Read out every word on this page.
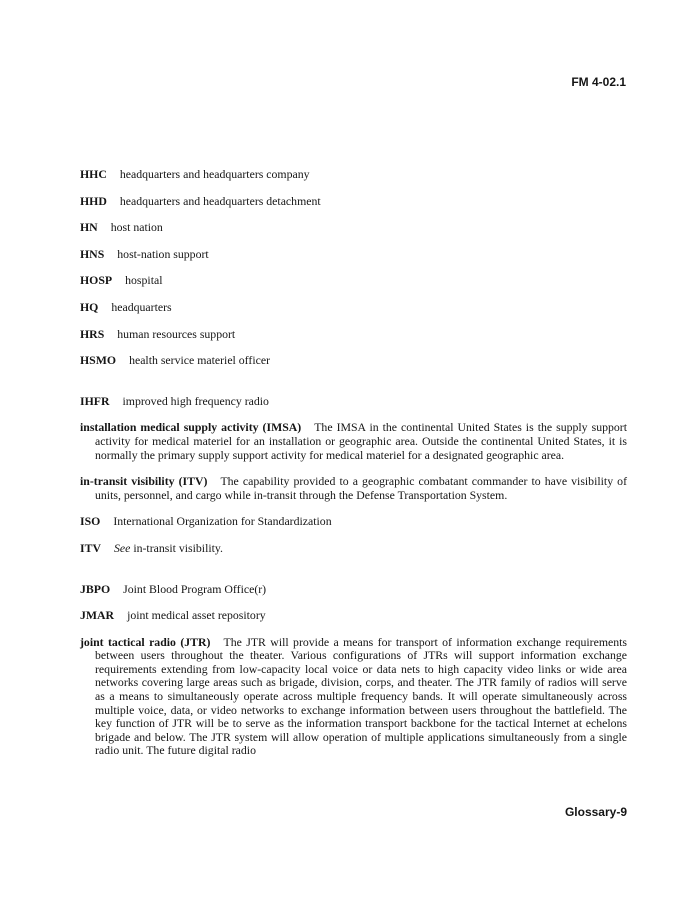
FM 4-02.1

HHC headquarters and headquarters company

HHD headquarters and headquarters detachment

HN host nation

HNS host-nation support

HOSP hospital

HQ headquarters

HRS human resources support

HSMO health service materiel officer

IHFR improved high frequency radio

installation medical supply activity (IMSA) The IMSA in the continental United States is the supply support activity for medical materiel for an installation or geographic area. Outside the continental United States, it is normally the primary supply support activity for medical materiel for a designated geographic area.

in-transit visibility (ITV) The capability provided to a geographic combatant commander to have visibility of units, personnel, and cargo while in-transit through the Defense Transportation System.

ISO International Organization for Standardization

ITV See in-transit visibility.

JBPO Joint Blood Program Office(r)

JMAR joint medical asset repository

joint tactical radio (JTR) The JTR will provide a means for transport of information exchange requirements between users throughout the theater. Various configurations of JTRs will support information exchange requirements extending from low-capacity local voice or data nets to high capacity video links or wide area networks covering large areas such as brigade, division, corps, and theater. The JTR family of radios will serve as a means to simultaneously operate across multiple frequency bands. It will operate simultaneously across multiple voice, data, or video networks to exchange information between users throughout the battlefield. The key function of JTR will be to serve as the information transport backbone for the tactical Internet at echelons brigade and below. The JTR system will allow operation of multiple applications simultaneously from a single radio unit. The future digital radio

Glossary-9
